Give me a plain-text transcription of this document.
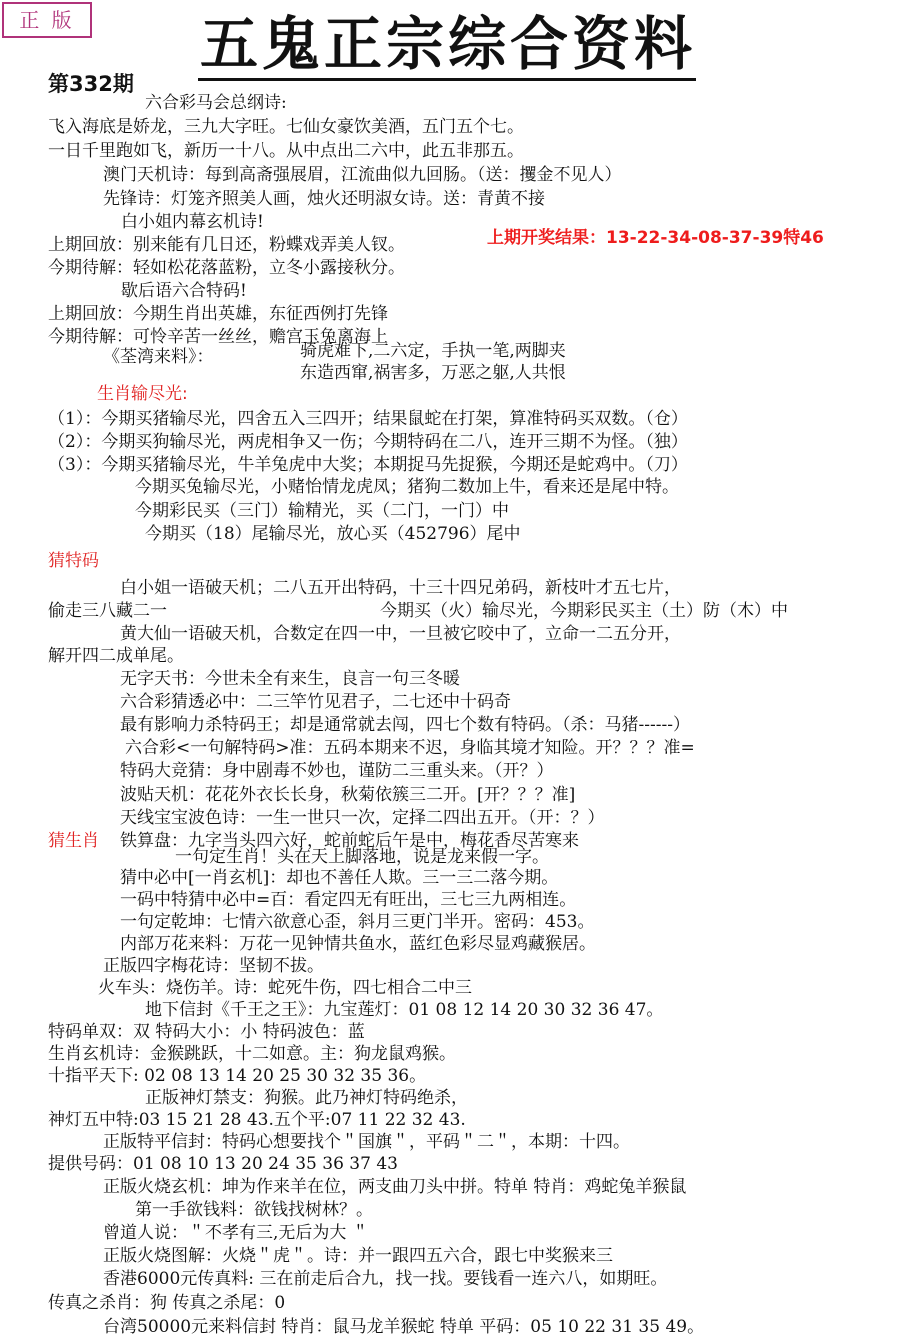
正 版 五鬼正宗综合资料
第332期
上期开奖结果：13-22-34-08-37-39特46
六合彩马会总纲诗:
飞入海底是娇龙，三九大字旺。七仙女豪饮美酒，五门五个七。
一日千里跑如飞，新历一十八。从中点出二六中，此五非那五。
澳门天机诗：每到高斋强展眉，江流曲似九回肠。（送：攫金不见人）
先锋诗：灯笼齐照美人画，烛火还明淑女诗。送：青黄不接
白小姐内幕玄机诗!
上期回放：别来能有几日还，粉蝶戏弄美人钗。
今期待解：轻如松花落蓝粉，立冬小露接秋分。
歇后语六合特码!
上期回放：今期生肖出英雄，东征西例打先锋
今期待解：可怜辛苦一丝丝，赡宫玉兔离海上
《荃湾来料》：	骑虎难下,二六定，手执一笔,两脚夹
东造西窜,祸害多，万恶之躯,人共恨
生肖输尽光:
（1）：今期买猪输尽光，四舍五入三四开；结果鼠蛇在打架，算准特码买双数。（仓）
（2）：今期买狗输尽光，两虎相争又一伤；今期特码在二八，连开三期不为怪。（独）
（3）：今期买猪输尽光，牛羊兔虎中大奖；本期捉马先捉猴，今期还是蛇鸡中。（刀）
今期买兔输尽光，小赌怡情龙虎凤；猪狗二数加上牛，看来还是尾中特。
今期彩民买（三门）输精光，买（二门，一门）中
今期买（18）尾输尽光，放心买（452796）尾中
猜特码
白小姐一语破天机；二八五开出特码，十三十四兄弟码，新枝叶才五七片，
偷走三八藏二一	今期买（火）输尽光，今期彩民买主（土）防（木）中
黄大仙一语破天机，合数定在四一中，一旦被它咬中了，立命一二五分开，
解开四二成单尾。
无字天书：今世未全有来生，良言一句三冬暖
六合彩猜透必中：二三竿竹见君子，二七还中十码奇
最有影响力杀特码王；却是通常就去闯，四七个数有特码。（杀：马猪------）
六合彩<一句解特码>准：五码本期来不迟，身临其境才知险。开？？？准=
特码大竞猜：身中剧毒不妙也，谨防二三重头来。（开？）
波贴天机：花花外衣长长身，秋菊依簇三二开。[开？？？准]
天线宝宝波色诗：一生一世只一次，定择二四出五开。（开：？）
铁算盘：九字当头四六好，蛇前蛇后午是中，梅花香尽苦寒来
猜生肖
一句定生肖！头在天上脚落地，说是龙来假一字。
猜中必中[一肖玄机]：却也不善任人欺。三一三二落今期。
一码中特猜中必中=百：看定四无有旺出，三七三九两相连。
一句定乾坤：七情六欲意心歪，斜月三更门半开。密码：453。
内部万花来料：万花一见钟情共鱼水，蓝红色彩尽显鸡藏猴居。
正版四字梅花诗：坚韧不拔。
火车头：烧伤羊。诗：蛇死牛伤，四七相合二中三
地下信封《千王之王》：九宝莲灯：01 08 12 14 20 30 32 36 47。
特码单双：双 特码大小：小 特码波色：蓝
生肖玄机诗：金猴跳跃，十二如意。主：狗龙鼠鸡猴。
十指平天下: 02 08 13 14 20 25 30 32 35 36。
正版神灯禁支：狗猴。此乃神灯特码绝杀，
神灯五中特:03 15 21 28 43.五个平:07 11 22 32 43.
正版特平信封：特码心想要找个＂国旗＂，平码＂二＂，本期：十四。
提供号码：01 08 10 13 20 24 35 36 37 43
正版火烧玄机：坤为作来羊在位，两支曲刀头中拼。特单 特肖：鸡蛇兔羊猴鼠
第一手欲钱料：欲钱找树林？。
曾道人说：＂不孝有三,无后为大 ＂
正版火烧图解：火烧＂虎＂。诗：并一跟四五六合，跟七中奖猴来三
香港6000元传真料: 三在前走后合九，找一找。要钱看一连六八，如期旺。
传真之杀肖：狗 传真之杀尾：0
台湾50000元来料信封 特肖：鼠马龙羊猴蛇 特单 平码：05 10 22 31 35 49。
